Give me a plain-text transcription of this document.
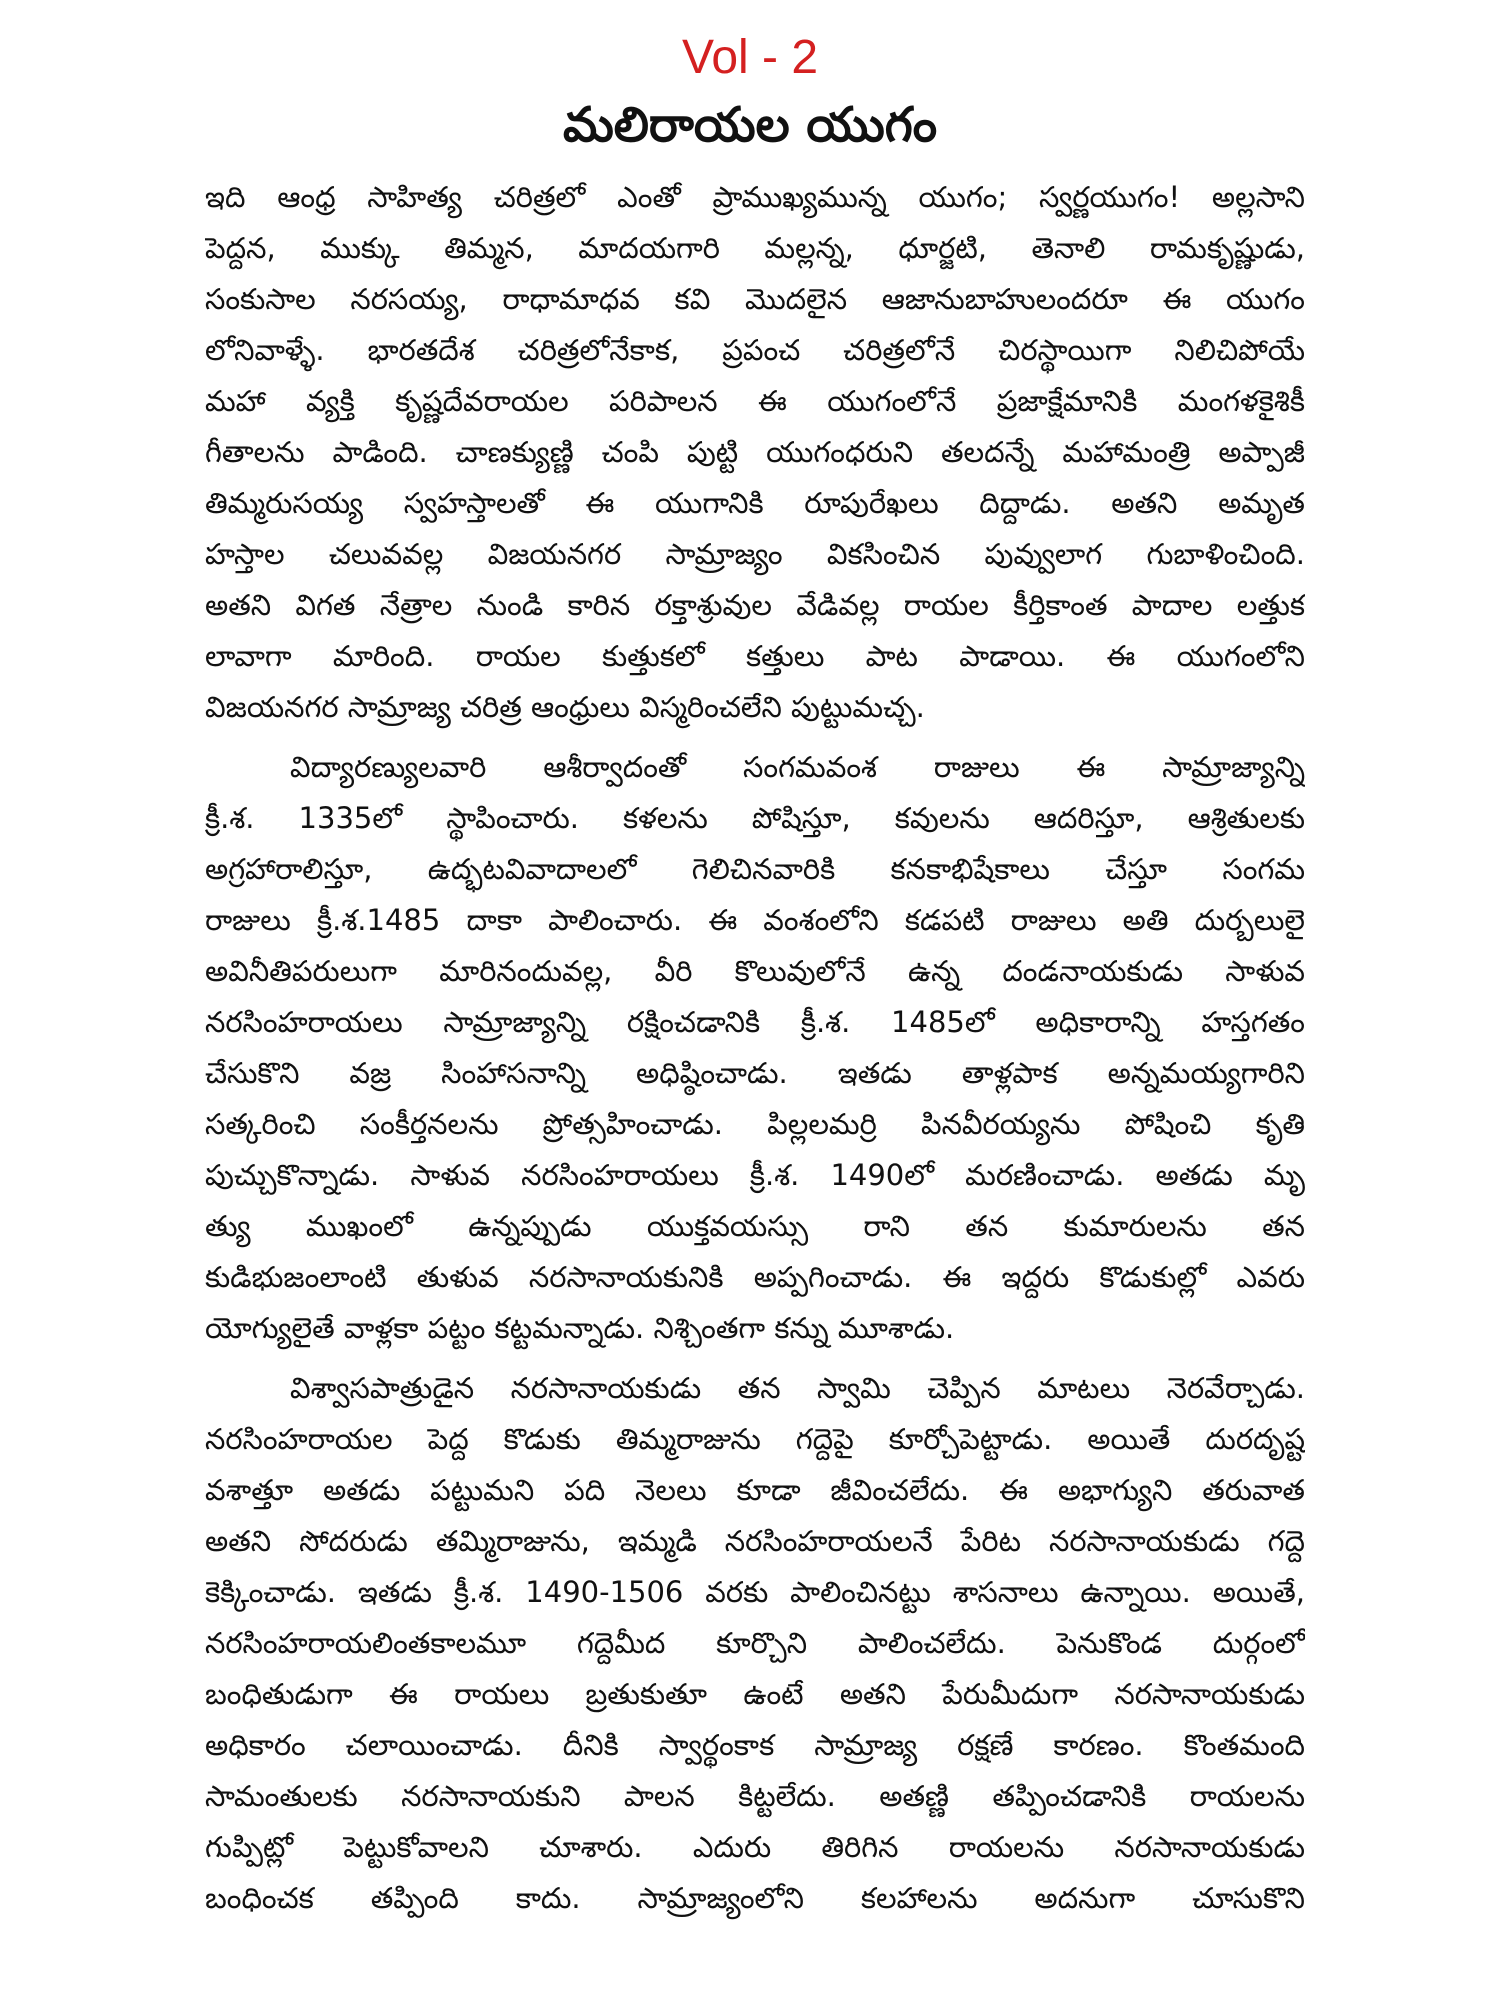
Vol - 2
మలిరాయల యుగం
ఇది ఆంధ్ర సాహిత్య చరిత్రలో ఎంతో ప్రాముఖ్యమున్న యుగం; స్వర్ణయుగం! అల్లసాని
పెద్దన, ముక్కు తిమ్మన, మాదయగారి మల్లన్న, ధూర్జటి, తెనాలి రామకృష్ణుడు,
సంకుసాల నరసయ్య, రాధామాధవ కవి మొదలైన ఆజానుబాహులందరూ ఈ యుగం
లోనివాళ్ళే. భారతదేశ చరిత్రలోనేకాక, ప్రపంచ చరిత్రలోనే చిరస్థాయిగా నిలిచిపోయే
మహా వ్యక్తి కృష్ణదేవరాయల పరిపాలన ఈ యుగంలోనే ప్రజాక్షేమానికి మంగళకైశికీ
గీతాలను పాడింది. చాణక్యుణ్ణి చంపి పుట్టి యుగంధరుని తలదన్నే మహామంత్రి అప్పాజీ
తిమ్మరుసయ్య స్వహస్తాలతో ఈ యుగానికి రూపురేఖలు దిద్దాడు. అతని అమృత
హస్తాల చలువవల్ల విజయనగర సామ్రాజ్యం వికసించిన పువ్వులాగ గుబాళించింది.
అతని విగత నేత్రాల నుండి కారిన రక్తాశ్రువుల వేడివల్ల రాయల కీర్తికాంత పాదాల లత్తుక
లావాగా మారింది. రాయల కుత్తుకలో కత్తులు పాట పాడాయి. ఈ యుగంలోని
విజయనగర సామ్రాజ్య చరిత్ర ఆంధ్రులు విస్మరించలేని పుట్టుమచ్చ.
విద్యారణ్యులవారి ఆశీర్వాదంతో సంగమవంశ రాజులు ఈ సామ్రాజ్యాన్ని
క్రీ.శ. 1335లో స్థాపించారు. కళలను పోషిస్తూ, కవులను ఆదరిస్తూ, ఆశ్రితులకు
అగ్రహారాలిస్తూ, ఉద్భటవివాదాలలో గెలిచినవారికి కనకాభిషేకాలు చేస్తూ సంగమ
రాజులు క్రీ.శ.1485 దాకా పాలించారు. ఈ వంశంలోని కడపటి రాజులు అతి దుర్బలులై
అవినీతిపరులుగా మారినందువల్ల, వీరి కొలువులోనే ఉన్న దండనాయకుడు సాళువ
నరసింహరాయలు సామ్రాజ్యాన్ని రక్షించడానికి క్రీ.శ. 1485లో అధికారాన్ని హస్తగతం
చేసుకొని వజ్ర సింహాసనాన్ని అధిష్ఠించాడు. ఇతడు తాళ్లపాక అన్నమయ్యగారిని
సత్కరించి సంకీర్తనలను ప్రోత్సహించాడు. పిల్లలమర్రి పినవీరయ్యను పోషించి కృతి
పుచ్చుకొన్నాడు. సాళువ నరసింహరాయలు క్రీ.శ. 1490లో మరణించాడు. అతడు మృ
త్యు ముఖంలో ఉన్నప్పుడు యుక్తవయస్సు రాని తన కుమారులను తన
కుడిభుజంలాంటి తుళువ నరసానాయకునికి అప్పగించాడు. ఈ ఇద్దరు కొడుకుల్లో ఎవరు
యోగ్యులైతే వాళ్లకా పట్టం కట్టమన్నాడు. నిశ్చింతగా కన్ను మూశాడు.
విశ్వాసపాత్రుడైన నరసానాయకుడు తన స్వామి చెప్పిన మాటలు నెరవేర్చాడు.
నరసింహరాయల పెద్ద కొడుకు తిమ్మరాజును గద్దెపై కూర్చోపెట్టాడు. అయితే దురదృష్ట
వశాత్తూ అతడు పట్టుమని పది నెలలు కూడా జీవించలేదు. ఈ అభాగ్యుని తరువాత
అతని సోదరుడు తమ్మిరాజును, ఇమ్మడి నరసింహరాయలనే పేరిట నరసానాయకుడు గద్దె
కెక్కించాడు. ఇతడు క్రీ.శ. 1490-1506 వరకు పాలించినట్టు శాసనాలు ఉన్నాయి. అయితే,
నరసింహరాయలింతకాలమూ గద్దెమీద కూర్చొని పాలించలేదు. పెనుకొండ దుర్గంలో
బంధితుడుగా ఈ రాయలు బ్రతుకుతూ ఉంటే అతని పేరుమీదుగా నరసానాయకుడు
అధికారం చలాయించాడు. దీనికి స్వార్థంకాక సామ్రాజ్య రక్షణే కారణం. కొంతమంది
సామంతులకు నరసానాయకుని పాలన కిట్టలేదు. అతణ్ణి తప్పించడానికి రాయలను
గుప్పిట్లో పెట్టుకోవాలని చూశారు. ఎదురు తిరిగిన రాయలను నరసానాయకుడు
బంధించక తప్పింది కాదు. సామ్రాజ్యంలోని కలహాలను అదనుగా చూసుకొని
